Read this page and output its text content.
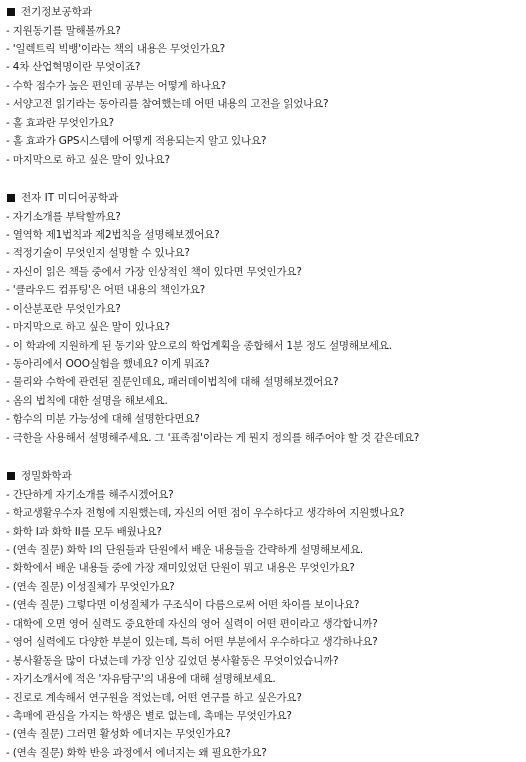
전기정보공학과
- 지원동기를 말해볼까요?
- '일렉트릭 빅뱅'이라는 책의 내용은 무엇인가요?
- 4차 산업혁명이란 무엇이죠?
- 수학 점수가 높은 편인데 공부는 어떻게 하나요?
- 서양고전 읽기라는 동아리를 참여했는데 어떤 내용의 고전을 읽었나요?
- 홀 효과란 무엇인가요?
- 홀 효과가 GPS시스템에 어떻게 적용되는지 알고 있나요?
- 마지막으로 하고 싶은 말이 있나요?
전자 IT 미디어공학과
- 자기소개를 부탁할까요?
- 열역학 제1법칙과 제2법칙을 설명해보겠어요?
- 적정기술이 무엇인지 설명할 수 있나요?
- 자신이 읽은 책들 중에서 가장 인상적인 책이 있다면 무엇인가요?
- '클라우드 컴퓨팅'은 어떤 내용의 책인가요?
- 이산분포란 무엇인가요?
- 마지막으로 하고 싶은 말이 있나요?
- 이 학과에 지원하게 된 동기와 앞으로의 학업계획을 종합해서 1분 정도 설명해보세요.
- 동아리에서 OOO실험을 했네요? 이게 뭐죠?
- 물리와 수학에 관련된 질문인데요, 패러데이법칙에 대해 설명해보겠어요?
- 옴의 법칙에 대한 설명을 해보세요.
- 함수의 미분 가능성에 대해 설명한다면요?
- 극한을 사용해서 설명해주세요. 그 '표족점'이라는 게 뭔지 정의를 해주어야 할 것 같은데요?
정밀화학과
- 간단하게 자기소개를 해주시겠어요?
- 학교생활우수자 전형에 지원했는데, 자신의 어떤 점이 우수하다고 생각하여 지원했나요?
- 화학 I과 화학 II를 모두 배웠나요?
- (연속 질문) 화학 I의 단원들과 단원에서 배운 내용들을 간략하게 설명해보세요.
- 화학에서 배운 내용들 중에 가장 재미있었던 단원이 뭐고 내용은 무엇인가요?
- (연속 질문) 이성질체가 무엇인가요?
- (연속 질문) 그렇다면 이성질체가 구조식이 다름으로써 어떤 차이를 보이나요?
- 대학에 오면 영어 실력도 중요한데 자신의 영어 실력이 어떤 편이라고 생각합니까?
- 영어 실력에도 다양한 부분이 있는데, 특히 어떤 부분에서 우수하다고 생각하나요?
- 봉사활동을 많이 다녔는데 가장 인상 깊었던 봉사활동은 무엇이었습니까?
- 자기소개서에 적은 '자유탐구'의 내용에 대해 설명해보세요.
- 진로로 계속해서 연구원을 적었는데, 어떤 연구를 하고 싶은가요?
- 촉매에 관심을 가지는 학생은 별로 없는데, 촉매는 무엇인가요?
- (연속 질문) 그러면 활성화 에너지는 무엇인가요?
- (연속 질문) 화학 반응 과정에서 에너지는 왜 필요한가요?
